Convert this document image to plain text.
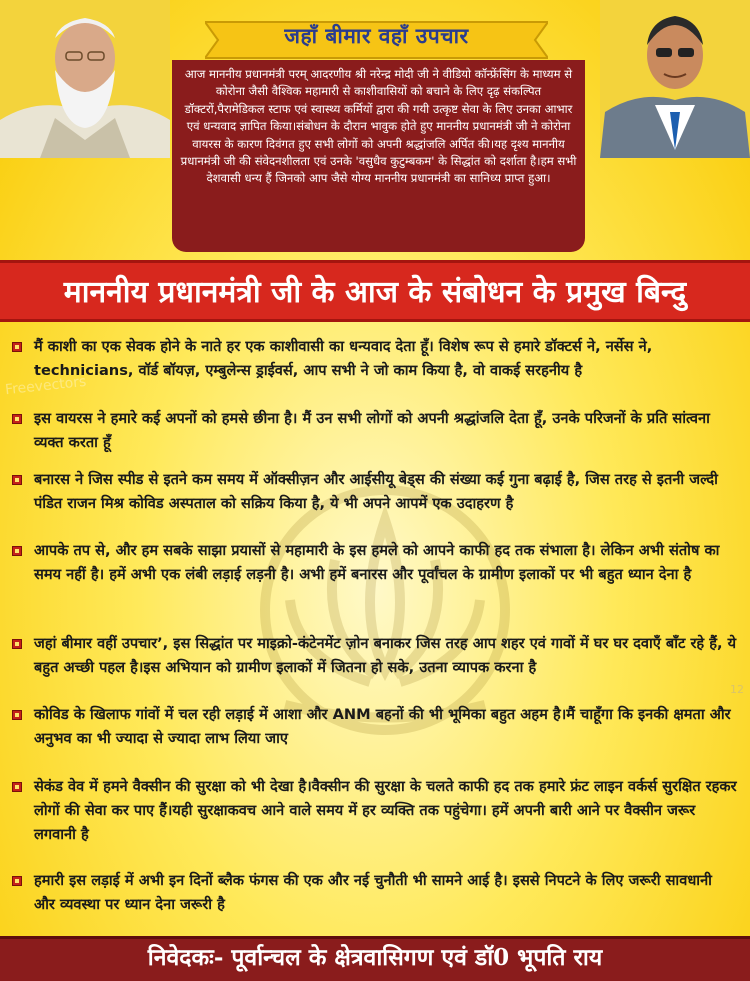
Freevectors
जहाँ बीमार वहाँ उपचार
आज माननीय प्रधानमंत्री परम् आदरणीय श्री नरेन्द्र मोदी जी ने वीडियो कॉन्फ्रेंसिंग के माध्यम से कोरोना जैसी वैश्विक महामारी से काशीवासियों को बचाने के लिए दृढ़ संकल्पित डॉक्टरों,पैरामेडिकल स्टाफ एवं स्वास्थ्य कर्मियों द्वारा की गयी उत्कृष्ट सेवा के लिए उनका आभार एवं धन्यवाद ज्ञापित किया।संबोधन के दौरान भावुक होते हुए माननीय प्रधानमंत्री जी ने कोरोना वायरस के कारण दिवंगत हुए सभी लोगों को अपनी श्रद्धांजलि अर्पित की।यह दृश्य माननीय प्रधानमंत्री जी की संवेदनशीलता एवं उनके 'वसुधैव कुटुम्बकम' के सिद्धांत को दर्शाता है।हम सभी देशवासी धन्य हैं जिनको आप जैसे योग्य माननीय प्रधानमंत्री का सानिध्य प्राप्त हुआ।
माननीय प्रधानमंत्री जी के आज के संबोधन के प्रमुख बिन्दु
मैं काशी का एक सेवक होने के नाते हर एक काशीवासी का धन्यवाद देता हूँ। विशेष रूप से हमारे डॉक्टर्स ने, नर्सेस ने, technicians, वॉर्ड बॉयज़, एम्बुलेन्स ड्राईवर्स, आप सभी ने जो काम किया है, वो वाकई सरहनीय है
इस वायरस ने हमारे कई अपनों को हमसे छीना है। मैं उन सभी लोगों को अपनी श्रद्धांजलि देता हूँ, उनके परिजनों के प्रति सांत्वना व्यक्त करता हूँ
बनारस ने जिस स्पीड से इतने कम समय में ऑक्सीज़न और आईसीयू बेड्स की संख्या कई गुना बढ़ाई है, जिस तरह से इतनी जल्दी पंडित राजन मिश्र कोविड अस्पताल को सक्रिय किया है, ये भी अपने आपमें एक उदाहरण है
आपके तप से, और हम सबके साझा प्रयासों से महामारी के इस हमले को आपने काफी हद तक संभाला है। लेकिन अभी संतोष का समय नहीं है। हमें अभी एक लंबी लड़ाई लड़नी है। अभी हमें बनारस और पूर्वांचल के ग्रामीण इलाकों पर भी बहुत ध्यान देना है
जहां बीमार वहीं उपचार’, इस सिद्धांत पर माइक्रो-कंटेनमेंट ज़ोन बनाकर जिस तरह आप शहर एवं गावों में घर घर दवाएँ बाँट रहे हैं, ये बहुत अच्छी पहल है।इस अभियान को ग्रामीण इलाकों में जितना हो सके, उतना व्यापक करना है
कोविड के खिलाफ गांवों में चल रही लड़ाई में आशा और ANM बहनों की भी भूमिका बहुत अहम है।मैं चाहूँगा कि इनकी क्षमता और अनुभव का भी ज्यादा से ज्यादा लाभ लिया जाए
सेकंड वेव में हमने वैक्सीन की सुरक्षा को भी देखा है।वैक्सीन की सुरक्षा के चलते काफी हद तक हमारे फ्रंट लाइन वर्कर्स सुरक्षित रहकर लोगों की सेवा कर पाए हैं।यही सुरक्षाकवच आने वाले समय में हर व्यक्ति तक पहुंचेगा। हमें अपनी बारी आने पर वैक्सीन जरूर लगवानी है
हमारी इस लड़ाई में अभी इन दिनों ब्लैक फंगस की एक और नई चुनौती भी सामने आई है। इससे निपटने के लिए जरूरी सावधानी और व्यवस्था पर ध्यान देना जरूरी है
12
निवेदकः- पूर्वान्चल के क्षेत्रवासिगण एवं डॉ0 भूपति राय
